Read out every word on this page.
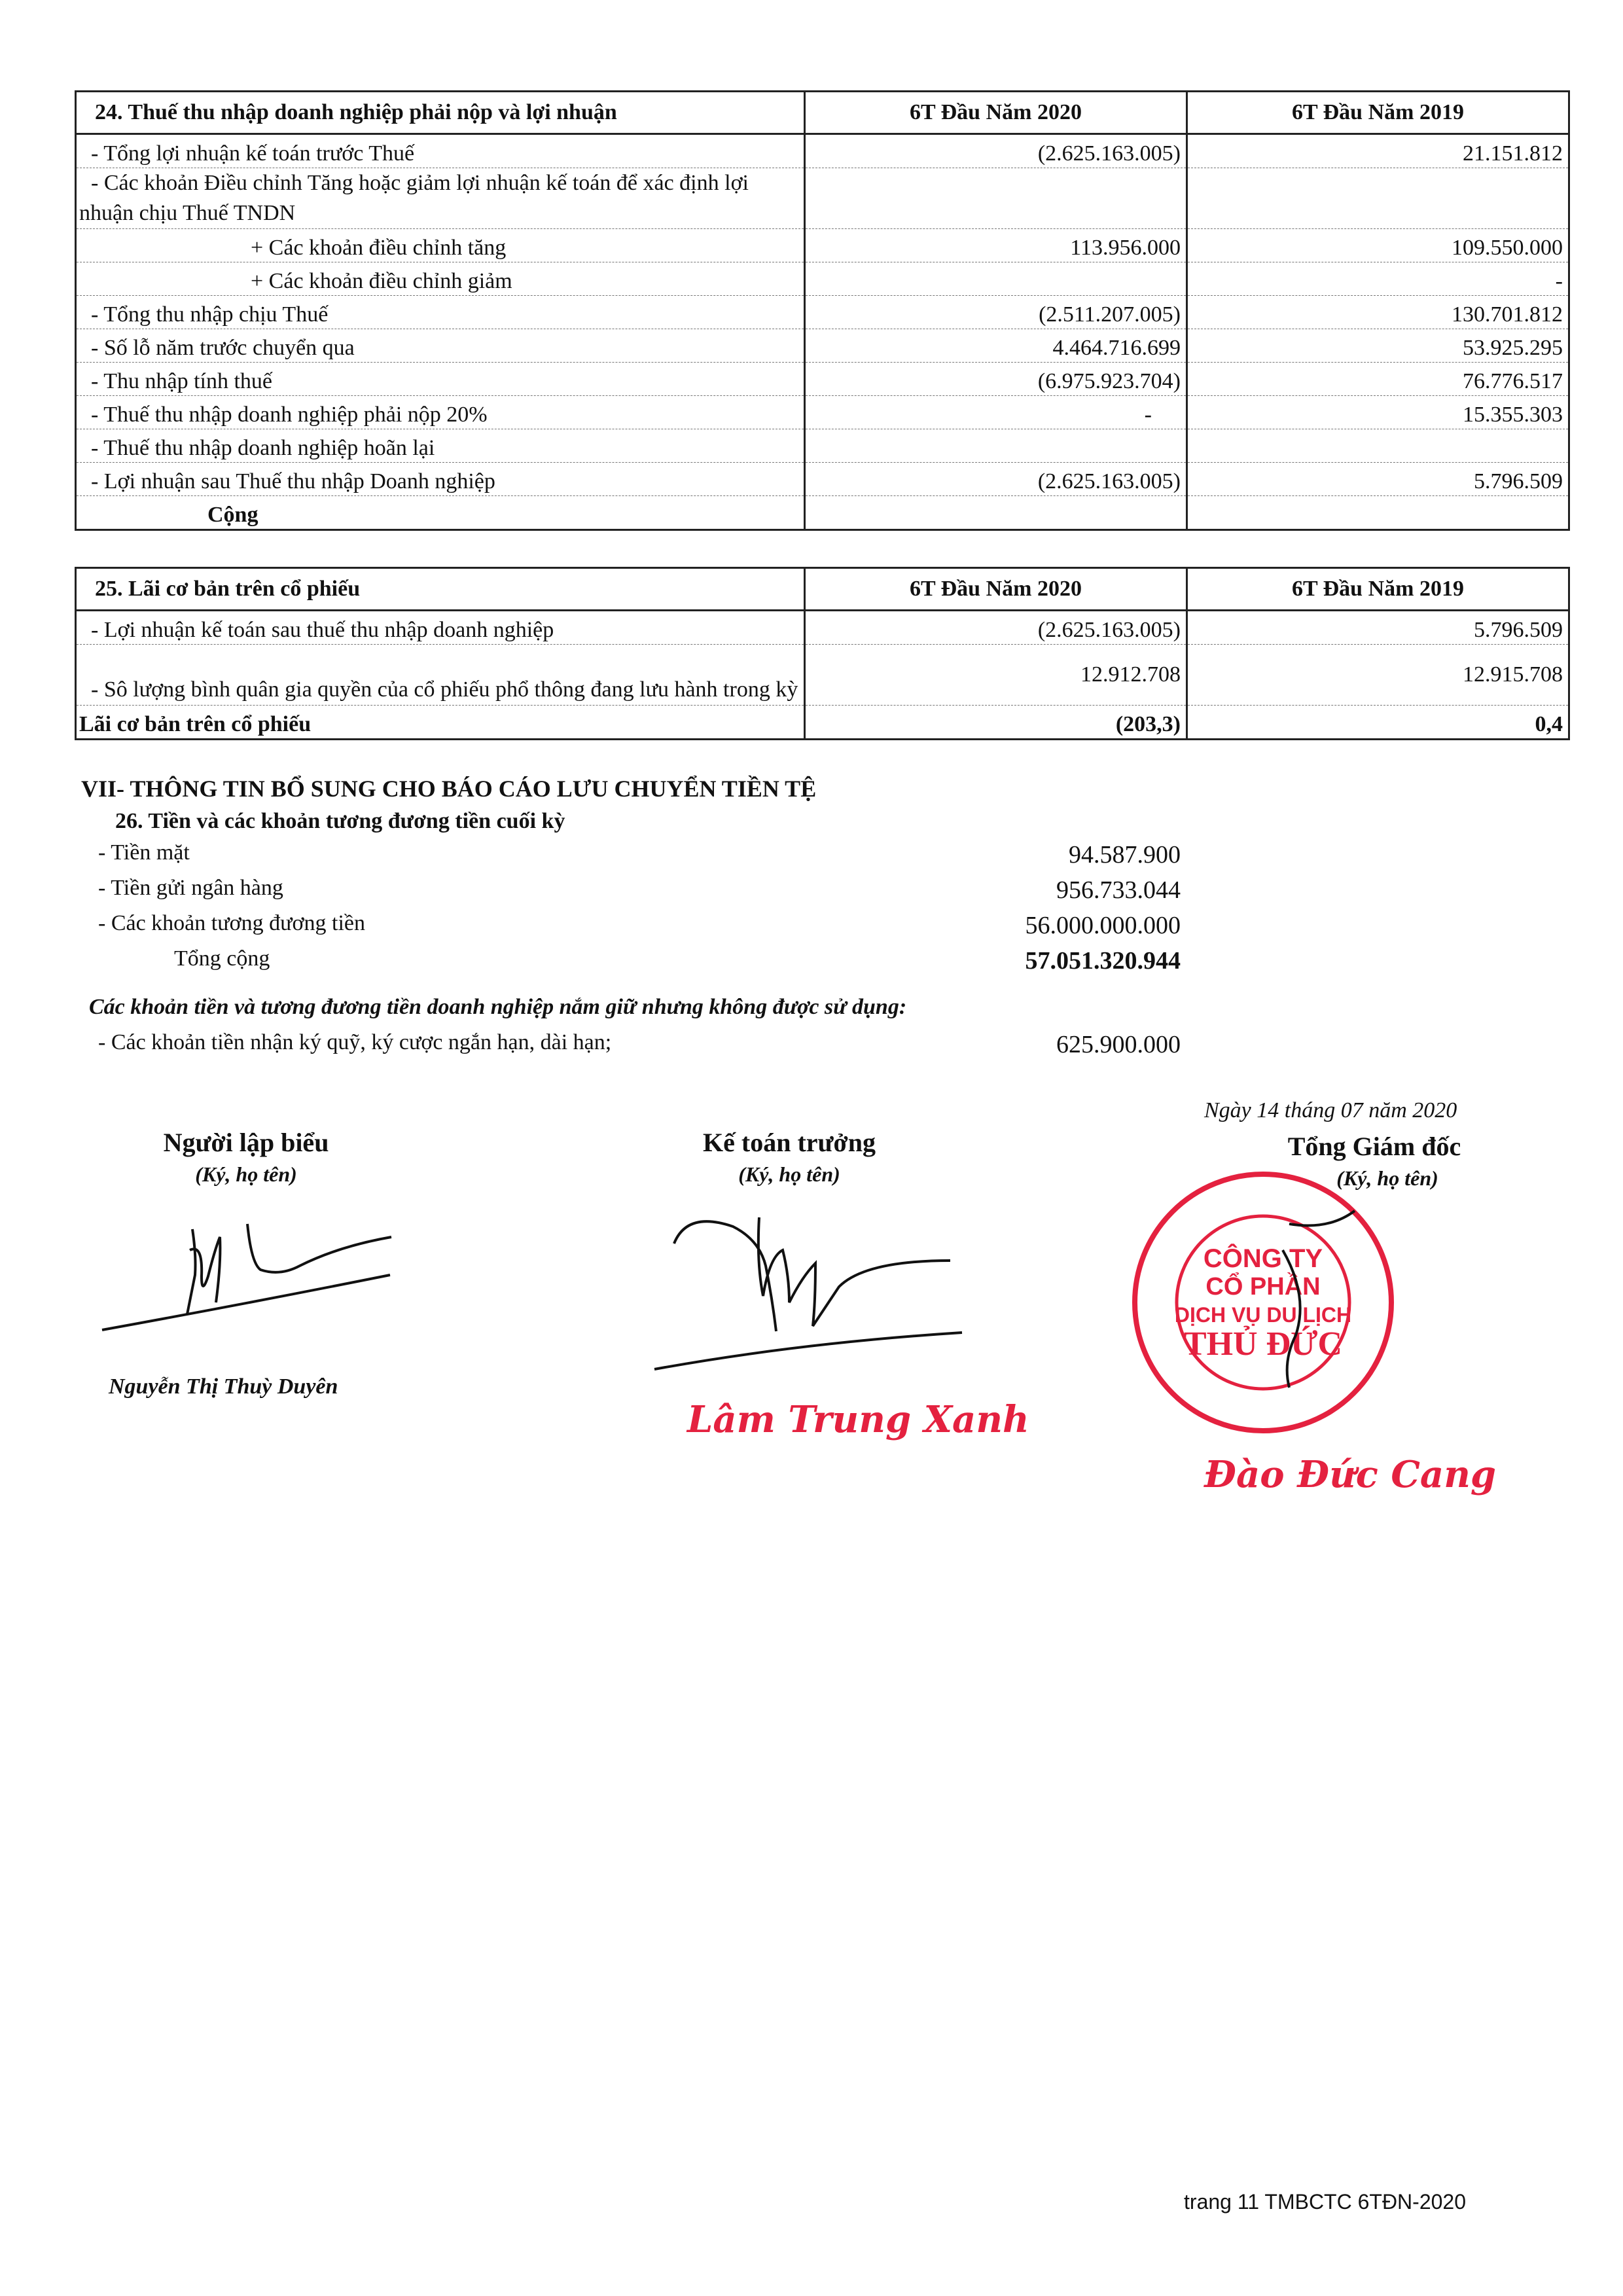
24. Thuế thu nhập doanh nghiệp phải nộp và lợi nhuận	6T Đầu Năm 2020	6T Đầu Năm 2019
- Tổng lợi nhuận kế toán trước Thuế	(2.625.163.005)	21.151.812
- Các khoản Điều chỉnh Tăng hoặc giảm lợi nhuận kế toán để xác định lợi nhuận chịu Thuế TNDN		
+ Các khoản điều chỉnh tăng	113.956.000	109.550.000
+ Các khoản điều chỉnh giảm		-
- Tổng thu nhập chịu Thuế	(2.511.207.005)	130.701.812
- Số lỗ năm trước chuyển qua	4.464.716.699	53.925.295
- Thu nhập tính thuế	(6.975.923.704)	76.776.517
- Thuế thu nhập doanh nghiệp phải nộp 20%	-	15.355.303
- Thuế thu nhập doanh nghiệp hoãn lại		
- Lợi nhuận sau Thuế thu nhập Doanh nghiệp	(2.625.163.005)	5.796.509
Cộng		
25. Lãi cơ bản trên cổ phiếu	6T Đầu Năm 2020	6T Đầu Năm 2019
- Lợi nhuận kế toán sau thuế thu nhập doanh nghiệp	(2.625.163.005)	5.796.509
- Sô lượng bình quân gia quyền của cổ phiếu phổ thông đang lưu hành trong kỳ	12.912.708	12.915.708
Lãi cơ bản trên cổ phiếu	(203,3)	0,4
VII- THÔNG TIN BỔ SUNG CHO BÁO CÁO LƯU CHUYỂN TIỀN TỆ
26. Tiền và các khoản tương đương tiền cuối kỳ
- Tiền mặt	94.587.900
- Tiền gửi ngân hàng	956.733.044
- Các khoản tương đương tiền	56.000.000.000
Tổng cộng	57.051.320.944
Các khoản tiền và tương đương tiền doanh nghiệp nắm giữ nhưng không được sử dụng:
- Các khoản tiền nhận ký quỹ, ký cược ngắn hạn, dài hạn;	625.900.000
Ngày 14 tháng 07 năm 2020
Người lập biểu
(Ký, họ tên)
Kế toán trưởng
(Ký, họ tên)
Tổng Giám đốc
(Ký, họ tên)
Nguyễn Thị Thuỳ Duyên
Lâm Trung Xanh
CÔNG TY
CỔ PHẦN
DỊCH VỤ DU LỊCH
THỦ ĐỨC
Đào Đức Cang
trang 11 TMBCTC 6TĐN-2020
